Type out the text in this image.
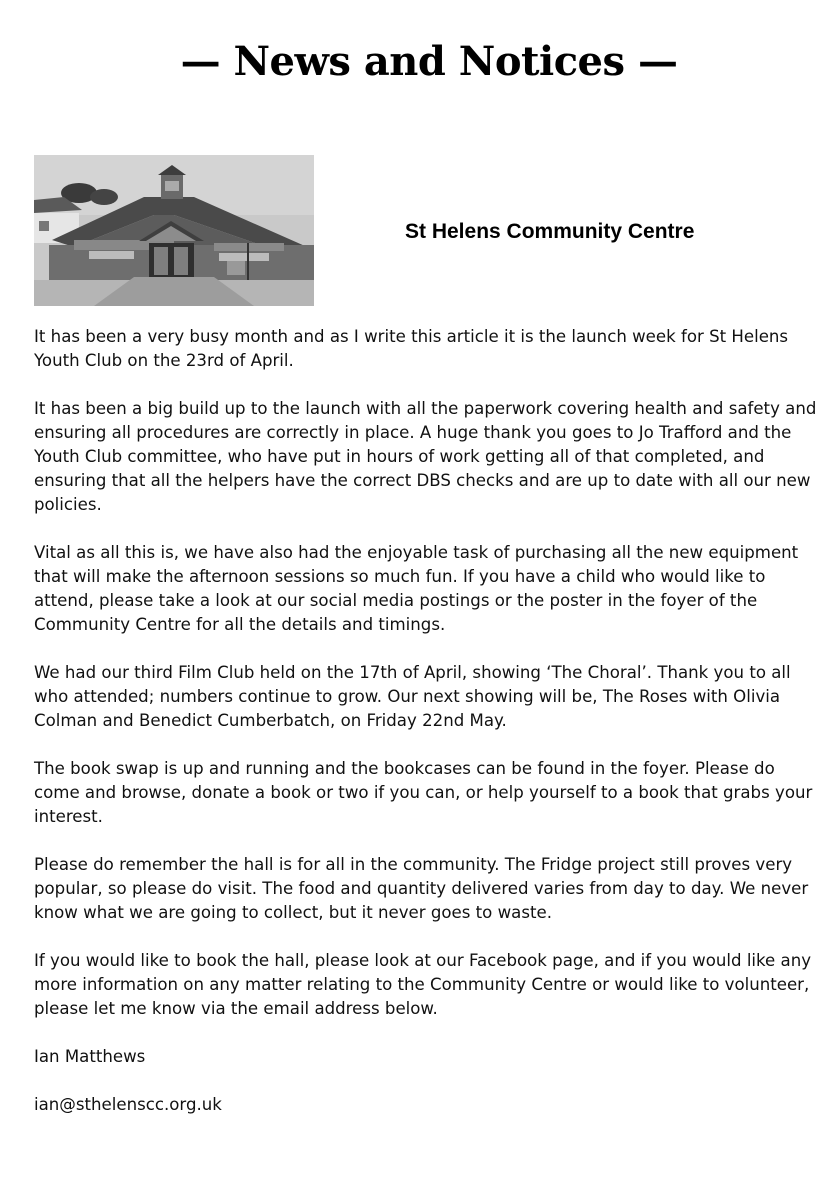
— News and Notices —
St Helens Community Centre

It has been a very busy month and as I write this article it is the launch week for St Helens Youth Club on the 23rd of April.

It has been a big build up to the launch with all the paperwork covering health and safety and ensuring all procedures are correctly in place. A huge thank you goes to Jo Trafford and the Youth Club committee, who have put in hours of work getting all of that completed, and ensuring that all the helpers have the correct DBS checks and are up to date with all our new policies.

Vital as all this is, we have also had the enjoyable task of purchasing all the new equipment that will make the afternoon sessions so much fun. If you have a child who would like to attend, please take a look at our social media postings or the poster in the foyer of the Community Centre for all the details and timings.

We had our third Film Club held on the 17th of April, showing ‘The Choral’. Thank you to all who attended; numbers continue to grow. Our next showing will be, The Roses with Olivia Colman and Benedict Cumberbatch, on Friday 22nd May.

The book swap is up and running and the bookcases can be found in the foyer. Please do come and browse, donate a book or two if you can, or help yourself to a book that grabs your interest.

Please do remember the hall is for all in the community. The Fridge project still proves very popular, so please do visit. The food and quantity delivered varies from day to day. We never know what we are going to collect, but it never goes to waste.

If you would like to book the hall, please look at our Facebook page, and if you would like any more information on any matter relating to the Community Centre or would like to volunteer, please let me know via the email address below.

Ian Matthews

ian@sthelenscc.org.uk
